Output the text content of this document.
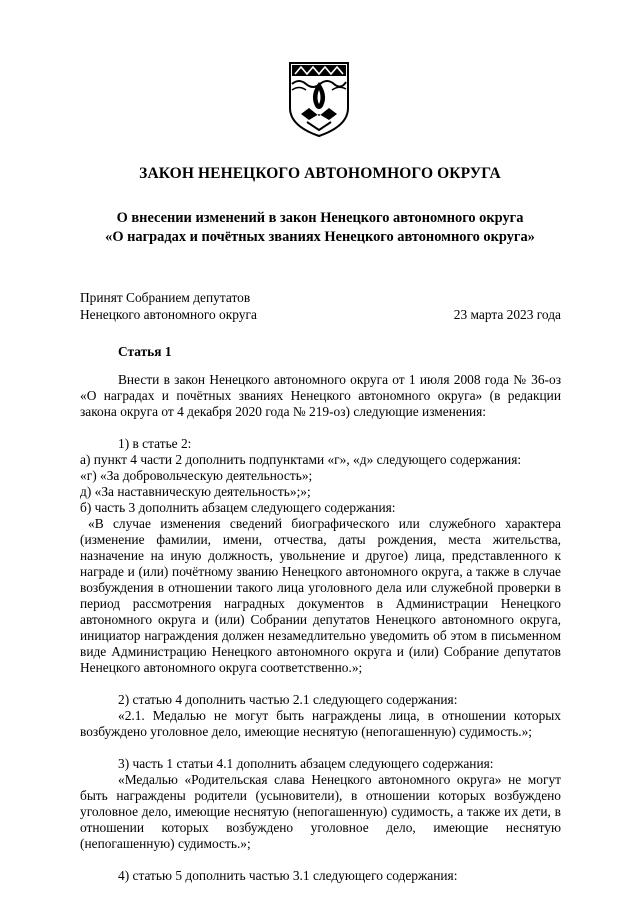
ЗАКОН НЕНЕЦКОГО АВТОНОМНОГО ОКРУГА
О внесении изменений в закон Ненецкого автономного округа
«О наградах и почётных званиях Ненецкого автономного округа»
Принят Собранием депутатов
Ненецкого автономного округа	23 марта 2023 года
Статья 1

Внести в закон Ненецкого автономного округа от 1 июля 2008 года № 36-оз «О наградах и почётных званиях Ненецкого автономного округа» (в редакции закона округа от 4 декабря 2020 года № 219-оз) следующие изменения:

1) в статье 2:

а) пункт 4 части 2 дополнить подпунктами «г», «д» следующего содержания:

«г) «За добровольческую деятельность»;

д) «За наставническую деятельность»;»;

б) часть 3 дополнить абзацем следующего содержания:

«В случае изменения сведений биографического или служебного характера (изменение фамилии, имени, отчества, даты рождения, места жительства, назначение на иную должность, увольнение и другое) лица, представленного к награде и (или) почётному званию Ненецкого автономного округа, а также в случае возбуждения в отношении такого лица уголовного дела или служебной проверки в период рассмотрения наградных документов в Администрации Ненецкого автономного округа и (или) Собрании депутатов Ненецкого автономного округа, инициатор награждения должен незамедлительно уведомить об этом в письменном виде Администрацию Ненецкого автономного округа и (или) Собрание депутатов Ненецкого автономного округа соответственно.»;

2) статью 4 дополнить частью 2.1 следующего содержания:

«2.1. Медалью не могут быть награждены лица, в отношении которых возбуждено уголовное дело, имеющие неснятую (непогашенную) судимость.»;

3) часть 1 статьи 4.1 дополнить абзацем следующего содержания:

«Медалью «Родительская слава Ненецкого автономного округа» не могут быть награждены родители (усыновители), в отношении которых возбуждено уголовное дело, имеющие неснятую (непогашенную) судимость, а также их дети, в отношении которых возбуждено уголовное дело, имеющие неснятую (непогашенную) судимость.»;

4) статью 5 дополнить частью 3.1 следующего содержания:
